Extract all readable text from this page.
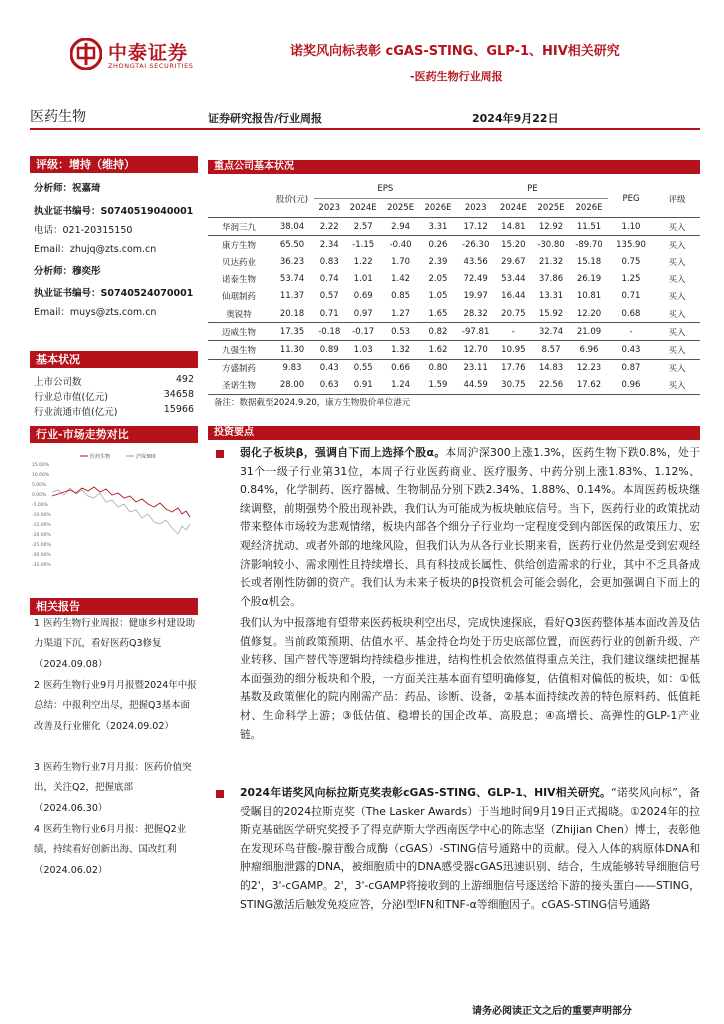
中泰证券
ZHONGTAI SECURITIES
诺奖风向标表彰 cGAS-STING、GLP-1、HIV相关研究
-医药生物行业周报
医药生物	证券研究报告/行业周报	2024年9月22日
评级：增持（维持）
分析师：祝嘉琦
执业证书编号：S0740519040001
电话：021-20315150
Email：zhujq@zts.com.cn
分析师：穆奕彤
执业证书编号：S0740524070001
Email：muys@zts.com.cn
基本状况
上市公司数	492
行业总市值(亿元)	34658
行业流通市值(亿元)	15966
行业-市场走势对比
15.00%
10.00%
5.00%
0.00%
-5.00%
-10.00%
-15.00%
-20.00%
-25.00%
-30.00%
-35.00%
医药生物	沪深300
相关报告
1 医药生物行业周报：健康乡村建设助力渠道下沉，看好医药Q3修复（2024.09.08）
2 医药生物行业9月月报暨2024年中报总结：中报利空出尽，把握Q3基本面改善及行业催化（2024.09.02）
3 医药生物行业7月月报：医药价值突出，关注Q2，把握底部（2024.06.30）
4 医药生物行业6月月报：把握Q2业绩，持续看好创新出海、国改红利（2024.06.02）
重点公司基本状况
	股价(元)	EPS				PE				PEG	评级
		2023	2024E	2025E	2026E	2023	2024E	2025E	2026E		
华润三九	38.04	2.22	2.57	2.94	3.31	17.12	14.81	12.92	11.51	1.10	买入
康方生物	65.50	2.34	-1.15	-0.40	0.26	-26.30	15.20	-30.80	-89.70	135.90	买入
贝达药业	36.23	0.83	1.22	1.70	2.39	43.56	29.67	21.32	15.18	0.75	买入
诺泰生物	53.74	0.74	1.01	1.42	2.05	72.49	53.44	37.86	26.19	1.25	买入
仙琚制药	11.37	0.57	0.69	0.85	1.05	19.97	16.44	13.31	10.81	0.71	买入
奥锐特	20.18	0.71	0.97	1.27	1.65	28.32	20.75	15.92	12.20	0.68	买入
迈威生物	17.35	-0.18	-0.17	0.53	0.82	-97.81	-	32.74	21.09	-	买入
九强生物	11.30	0.89	1.03	1.32	1.62	12.70	10.95	8.57	6.96	0.43	买入
方盛制药	9.83	0.43	0.55	0.66	0.80	23.11	17.76	14.83	12.23	0.87	买入
圣诺生物	28.00	0.63	0.91	1.24	1.59	44.59	30.75	22.56	17.62	0.96	买入
备注：数据截至2024.9.20，康方生物股价单位港元
投资要点
弱化子板块β，强调自下而上选择个股α。本周沪深300上涨1.3%，医药生物下跌0.8%，处于31个一级子行业第31位，本周子行业医药商业、医疗服务、中药分别上涨1.83%、1.12%、0.84%，化学制药、医疗器械、生物制品分别下跌2.34%、1.88%、0.14%。本周医药板块继续调整，前期强势个股出现补跌，我们认为可能成为板块触底信号。当下，医药行业的政策扰动带来整体市场较为悲观情绪，板块内部各个细分子行业均一定程度受到内部医保的政策压力、宏观经济扰动、或者外部的地缘风险，但我们认为从各行业长期来看，医药行业仍然是受到宏观经济影响较小、需求刚性且持续增长、具有科技成长属性、供给创造需求的行业，其中不乏具备成长或者刚性防御的资产。我们认为未来子板块的β投资机会可能会弱化，会更加强调自下而上的个股α机会。
我们认为中报落地有望带来医药板块利空出尽，完成快速探底，看好Q3医药整体基本面改善及估值修复。当前政策预期、估值水平、基金持仓均处于历史底部位置，而医药行业的创新升级、产业转移、国产替代等逻辑均持续稳步推进，结构性机会依然值得重点关注，我们建议继续把握基本面强劲的细分板块和个股，一方面关注基本面有望明确修复，估值相对偏低的板块，如：①低基数及政策催化的院内刚需产品：药品、诊断、设备，②基本面持续改善的特色原料药、低值耗材、生命科学上游；③低估值、稳增长的国企改革、高股息；④高增长、高弹性的GLP-1产业链。
2024年诺奖风向标拉斯克奖表彰cGAS-STING、GLP-1、HIV相关研究。“诺奖风向标”，备受瞩目的2024拉斯克奖（The Lasker Awards）于当地时间9月19日正式揭晓。①2024年的拉斯克基础医学研究奖授予了得克萨斯大学西南医学中心的陈志坚（Zhijian Chen）博士，表彰他在发现环鸟苷酸-腺苷酸合成酶（cGAS）-STING信号通路中的贡献。侵入人体的病原体DNA和肿瘤细胞泄露的DNA，被细胞质中的DNA感受器cGAS迅速识别、结合，生成能够转导细胞信号的2'，3'-cGAMP。2'，3'-cGAMP将接收到的上游细胞信号逐送给下游的接头蛋白——STING，STING激活后触发免疫应答，分泌Ⅰ型IFN和TNF-α等细胞因子。cGAS-STING信号通路
请务必阅读正文之后的重要声明部分
